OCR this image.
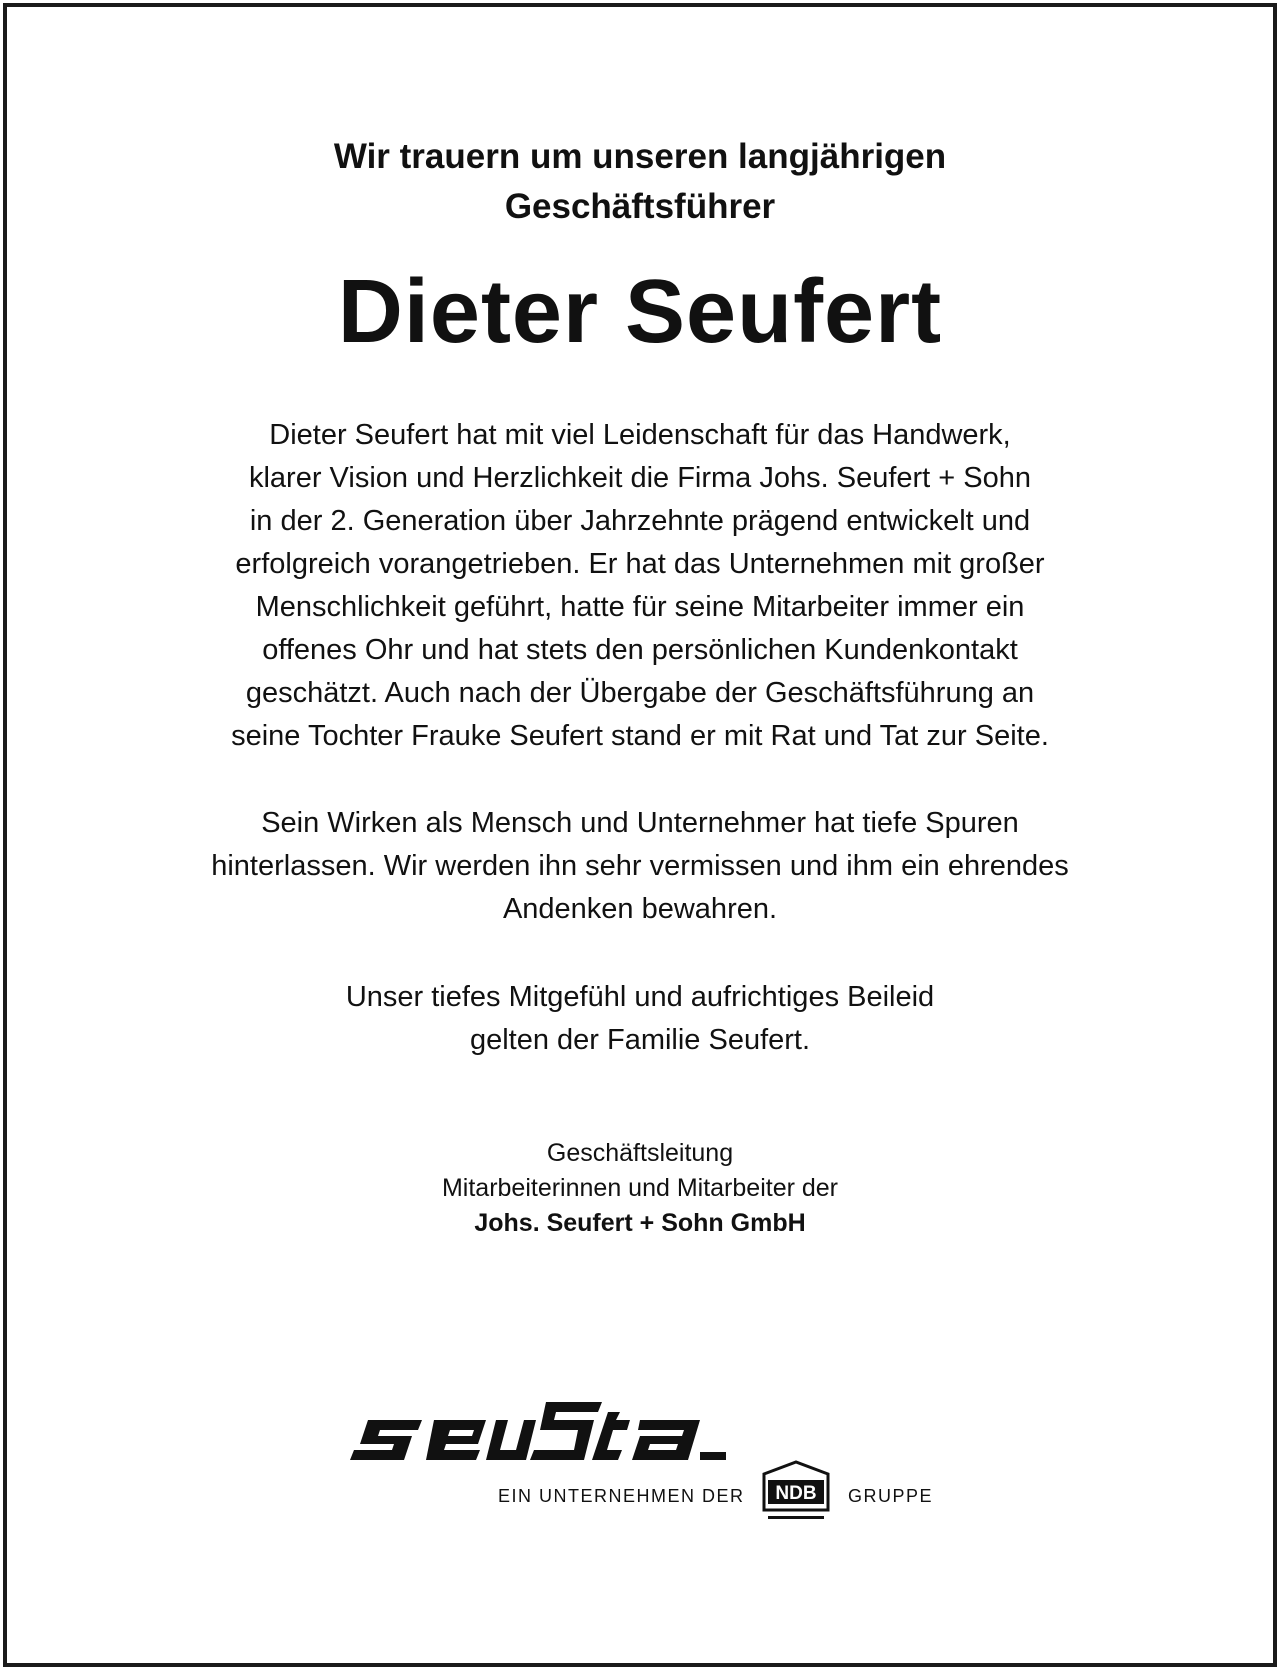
Wir trauern um unseren langjährigen
Geschäftsführer

Dieter Seufert

Dieter Seufert hat mit viel Leidenschaft für das Handwerk,
klarer Vision und Herzlichkeit die Firma Johs. Seufert + Sohn
in der 2. Generation über Jahrzehnte prägend entwickelt und
erfolgreich vorangetrieben. Er hat das Unternehmen mit großer
Menschlichkeit geführt, hatte für seine Mitarbeiter immer ein
offenes Ohr und hat stets den persönlichen Kundenkontakt
geschätzt. Auch nach der Übergabe der Geschäftsführung an
seine Tochter Frauke Seufert stand er mit Rat und Tat zur Seite.

Sein Wirken als Mensch und Unternehmer hat tiefe Spuren
hinterlassen. Wir werden ihn sehr vermissen und ihm ein ehrendes
Andenken bewahren.

Unser tiefes Mitgefühl und aufrichtiges Beileid
gelten der Familie Seufert.

Geschäftsleitung
Mitarbeiterinnen und Mitarbeiter der
Johs. Seufert + Sohn GmbH

EIN UNTERNEHMEN DER NDB GRUPPE
